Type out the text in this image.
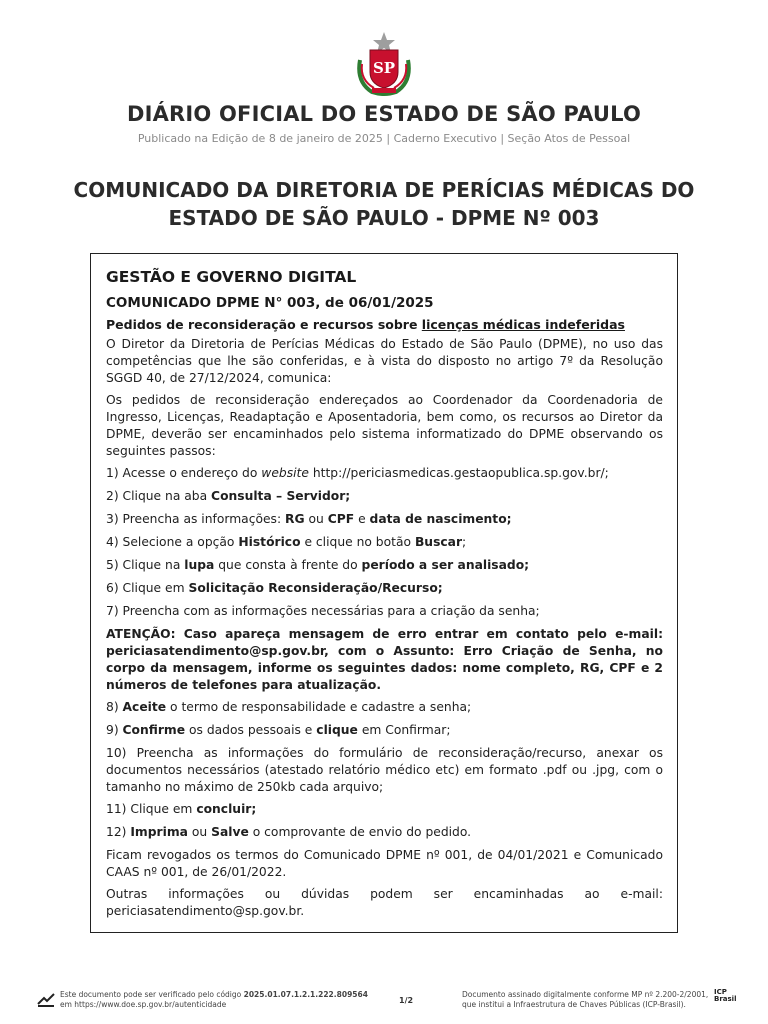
SP
DIÁRIO OFICIAL DO ESTADO DE SÃO PAULO
Publicado na Edição de 8 de janeiro de 2025 | Caderno Executivo | Seção Atos de Pessoal
COMUNICADO DA DIRETORIA DE PERÍCIAS MÉDICAS DO
ESTADO DE SÃO PAULO - DPME Nº 003
GESTÃO E GOVERNO DIGITAL
COMUNICADO DPME N° 003, de 06/01/2025
Pedidos de reconsideração e recursos sobre licenças médicas indeferidas

O Diretor da Diretoria de Perícias Médicas do Estado de São Paulo (DPME), no uso das competências que lhe são conferidas, e à vista do disposto no artigo 7º da Resolução SGGD 40, de 27/12/2024, comunica:

Os pedidos de reconsideração endereçados ao Coordenador da Coordenadoria de Ingresso, Licenças, Readaptação e Aposentadoria, bem como, os recursos ao Diretor da DPME, deverão ser encaminhados pelo sistema informatizado do DPME observando os seguintes passos:

1) Acesse o endereço do website http://periciasmedicas.gestaopublica.sp.gov.br/;

2) Clique na aba Consulta – Servidor;

3) Preencha as informações: RG ou CPF e data de nascimento;

4) Selecione a opção Histórico e clique no botão Buscar;

5) Clique na lupa que consta à frente do período a ser analisado;

6) Clique em Solicitação Reconsideração/Recurso;

7) Preencha com as informações necessárias para a criação da senha;

ATENÇÃO: Caso apareça mensagem de erro entrar em contato pelo e-mail: periciasatendimento@sp.gov.br, com o Assunto: Erro Criação de Senha, no corpo da mensagem, informe os seguintes dados: nome completo, RG, CPF e 2 números de telefones para atualização.

8) Aceite o termo de responsabilidade e cadastre a senha;

9) Confirme os dados pessoais e clique em Confirmar;

10) Preencha as informações do formulário de reconsideração/recurso, anexar os documentos necessários (atestado relatório médico etc) em formato .pdf ou .jpg, com o tamanho no máximo de 250kb cada arquivo;

11) Clique em concluir;

12) Imprima ou Salve o comprovante de envio do pedido.

Ficam revogados os termos do Comunicado DPME nº 001, de 04/01/2021 e Comunicado CAAS nº 001, de 26/01/2022.

Outras informações ou dúvidas podem ser encaminhadas ao e-mail: periciasatendimento@sp.gov.br.

Este documento pode ser verificado pelo código 2025.01.07.1.2.1.222.809564
em https://www.doe.sp.gov.br/autenticidade	1/2
Documento assinado digitalmente conforme MP nº 2.200-2/2001,
que institui a Infraestrutura de Chaves Públicas (ICP-Brasil).
ICP
Brasil
